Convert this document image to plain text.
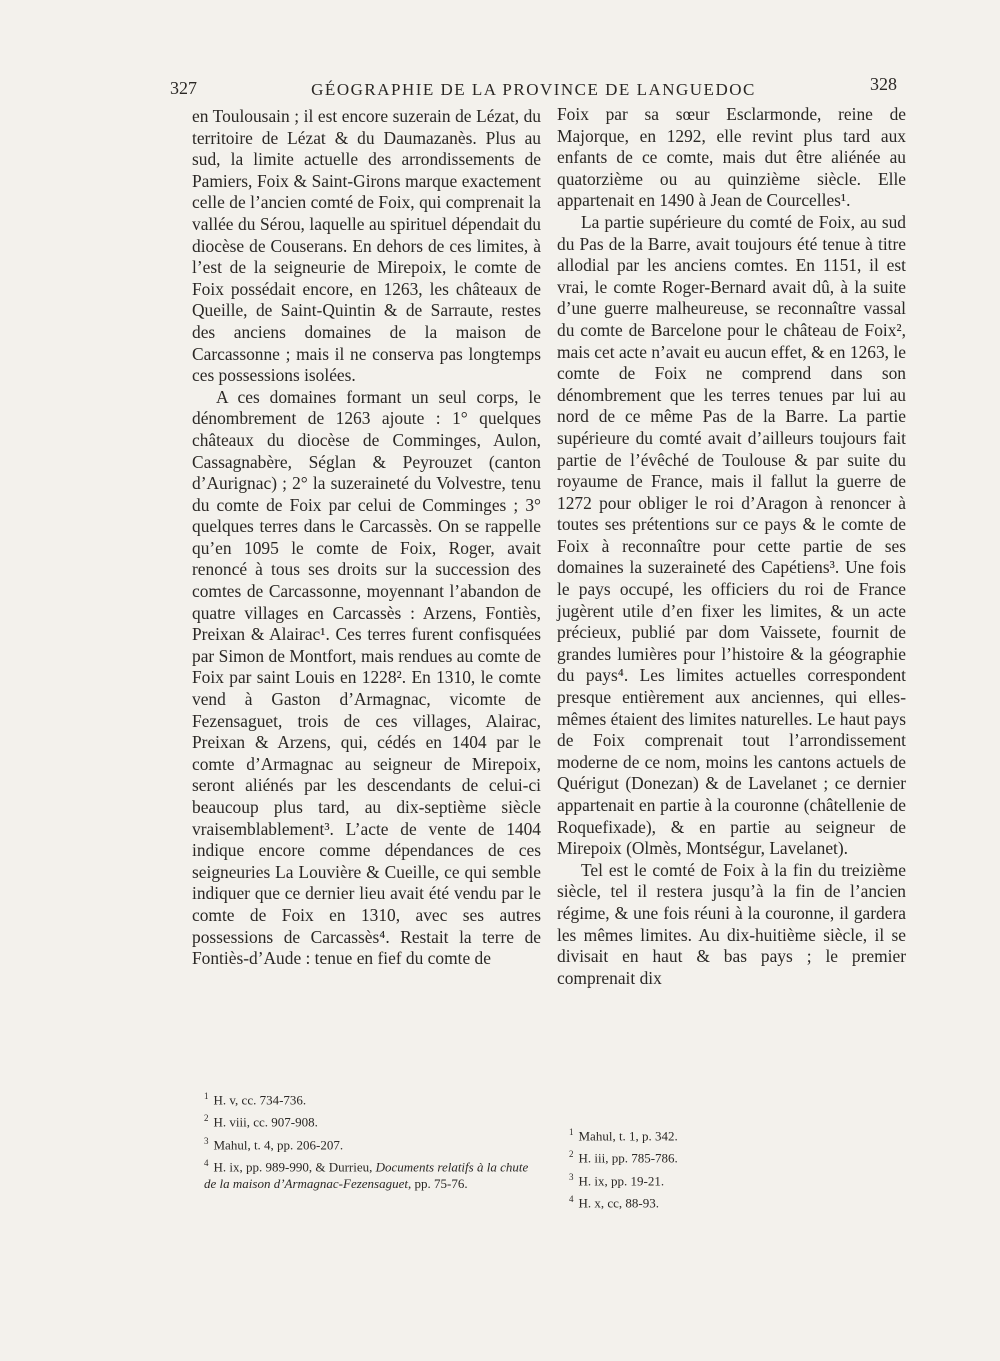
327	GÉOGRAPHIE DE LA PROVINCE DE LANGUEDOC	328

en Toulousain ; il est encore suzerain de Lézat, du territoire de Lézat & du Daumazanès. Plus au sud, la limite actuelle des arrondissements de Pamiers, Foix & Saint-Girons marque exactement celle de l’ancien comté de Foix, qui comprenait la vallée du Sérou, laquelle au spirituel dépendait du diocèse de Couserans. En dehors de ces limites, à l’est de la seigneurie de Mirepoix, le comte de Foix possédait encore, en 1263, les châteaux de Queille, de Saint-Quintin & de Sarraute, restes des anciens domaines de la maison de Carcassonne ; mais il ne conserva pas longtemps ces possessions isolées.

A ces domaines formant un seul corps, le dénombrement de 1263 ajoute : 1° quelques châteaux du diocèse de Comminges, Aulon, Cassagnabère, Séglan & Peyrouzet (canton d’Aurignac) ; 2° la suzeraineté du Volvestre, tenu du comte de Foix par celui de Comminges ; 3° quelques terres dans le Carcassès. On se rappelle qu’en 1095 le comte de Foix, Roger, avait renoncé à tous ses droits sur la succession des comtes de Carcassonne, moyennant l’abandon de quatre villages en Carcassès : Arzens, Fontiès, Preixan & Alairac¹. Ces terres furent confisquées par Simon de Montfort, mais rendues au comte de Foix par saint Louis en 1228². En 1310, le comte vend à Gaston d’Armagnac, vicomte de Fezensaguet, trois de ces villages, Alairac, Preixan & Arzens, qui, cédés en 1404 par le comte d’Armagnac au seigneur de Mirepoix, seront aliénés par les descendants de celui-ci beaucoup plus tard, au dix-septième siècle vraisemblablement³. L’acte de vente de 1404 indique encore comme dépendances de ces seigneuries La Louvière & Cueille, ce qui semble indiquer que ce dernier lieu avait été vendu par le comte de Foix en 1310, avec ses autres possessions de Carcassès⁴. Restait la terre de Fontiès-d’Aude : tenue en fief du comte de

Foix par sa sœur Esclarmonde, reine de Majorque, en 1292, elle revint plus tard aux enfants de ce comte, mais dut être aliénée au quatorzième ou au quinzième siècle. Elle appartenait en 1490 à Jean de Courcelles¹.

La partie supérieure du comté de Foix, au sud du Pas de la Barre, avait toujours été tenue à titre allodial par les anciens comtes. En 1151, il est vrai, le comte Roger-Bernard avait dû, à la suite d’une guerre malheureuse, se reconnaître vassal du comte de Barcelone pour le château de Foix², mais cet acte n’avait eu aucun effet, & en 1263, le comte de Foix ne comprend dans son dénombrement que les terres tenues par lui au nord de ce même Pas de la Barre. La partie supérieure du comté avait d’ailleurs toujours fait partie de l’évêché de Toulouse & par suite du royaume de France, mais il fallut la guerre de 1272 pour obliger le roi d’Aragon à renoncer à toutes ses prétentions sur ce pays & le comte de Foix à reconnaître pour cette partie de ses domaines la suzeraineté des Capétiens³. Une fois le pays occupé, les officiers du roi de France jugèrent utile d’en fixer les limites, & un acte précieux, publié par dom Vaissete, fournit de grandes lumières pour l’histoire & la géographie du pays⁴. Les limites actuelles correspondent presque entièrement aux anciennes, qui elles-mêmes étaient des limites naturelles. Le haut pays de Foix comprenait tout l’arrondissement moderne de ce nom, moins les cantons actuels de Quérigut (Donezan) & de Lavelanet ; ce dernier appartenait en partie à la couronne (châtellenie de Roquefixade), & en partie au seigneur de Mirepoix (Olmès, Montségur, Lavelanet).

Tel est le comté de Foix à la fin du treizième siècle, tel il restera jusqu’à la fin de l’ancien régime, & une fois réuni à la couronne, il gardera les mêmes limites. Au dix-huitième siècle, il se divisait en haut & bas pays ; le premier comprenait dix

$^1$ H. v, cc. 734-736.
$^2$ H. viii, cc. 907-908.
$^3$ Mahul, t. 4, pp. 206-207.
$^4$ H. ix, pp. 989-990, & Durrieu, Documents relatifs à la chute de la maison d’Armagnac-Fezensaguet, pp. 75-76.
$^1$ Mahul, t. 1, p. 342.
$^2$ H. iii, pp. 785-786.
$^3$ H. ix, pp. 19-21.
$^4$ H. x, cc, 88-93.
